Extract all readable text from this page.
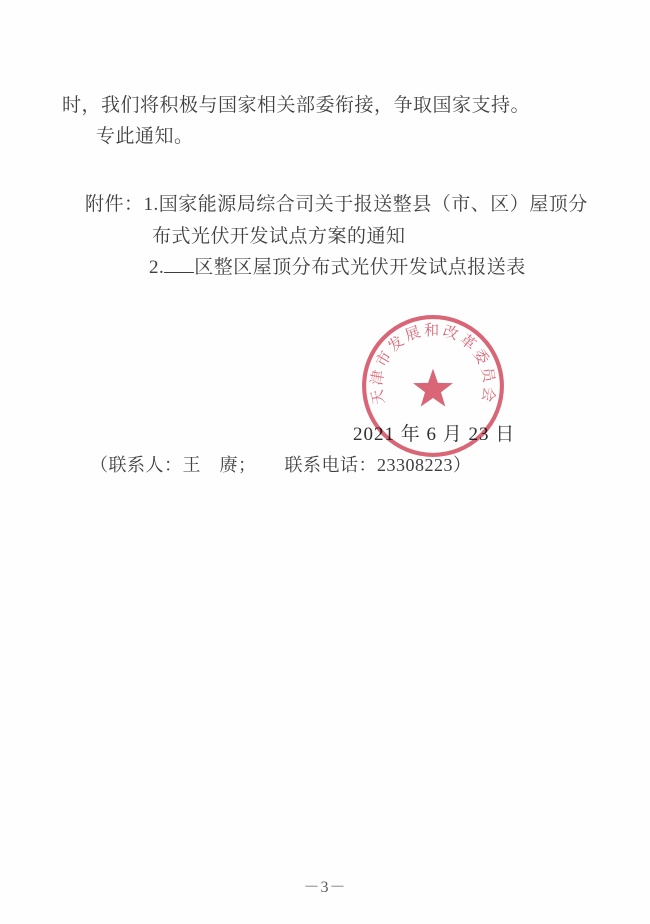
时，我们将积极与国家相关部委衔接，争取国家支持。
专此通知。
附件：1.国家能源局综合司关于报送整县（市、区）屋顶分
布式光伏开发试点方案的通知
2. 区整区屋顶分布式光伏开发试点报送表
2021 年 6 月 23 日
天津市发展和改革委员会
（联系人：王　赓；　　联系电话：23308223）
－3－
